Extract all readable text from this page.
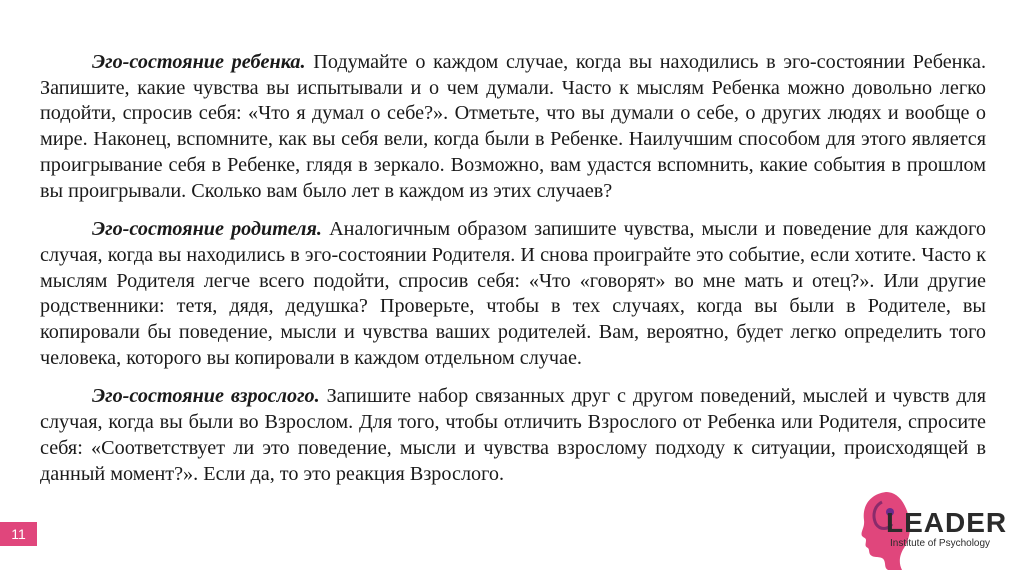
Эго-состояние ребенка. Подумайте о каждом случае, когда вы находились в эго-состоянии Ребенка. Запишите, какие чувства вы испытывали и о чем думали. Часто к мыслям Ребенка можно довольно легко подойти, спросив себя: «Что я думал о себе?». Отметьте, что вы думали о себе, о других людях и вообще о мире. Наконец, вспомните, как вы себя вели, когда были в Ребенке. Наилучшим способом для этого является проигрывание себя в Ребенке, глядя в зеркало. Возможно, вам удастся вспомнить, какие события в прошлом вы проигрывали. Сколько вам было лет в каждом из этих случаев?

Эго-состояние родителя. Аналогичным образом запишите чувства, мысли и поведение для каждого случая, когда вы находились в эго-состоянии Родителя. И снова проиграйте это событие, если хотите. Часто к мыслям Родителя легче всего подойти, спросив себя: «Что «говорят» во мне мать и отец?». Или другие родственники: тетя, дядя, дедушка? Проверьте, чтобы в тех случаях, когда вы были в Родителе, вы копировали бы поведение, мысли и чувства ваших родителей. Вам, вероятно, будет легко определить того человека, которого вы копировали в каждом отдельном случае.

Эго-состояние взрослого. Запишите набор связанных друг с другом поведений, мыслей и чувств для случая, когда вы были во Взрослом. Для того, чтобы отличить Взрослого от Ребенка или Родителя, спросите себя: «Соответствует ли это поведение, мысли и чувства взрослому подходу к ситуации, происходящей в данный момент?». Если да, то это реакция Взрослого.

11	LEADER
Institute of Psychology
